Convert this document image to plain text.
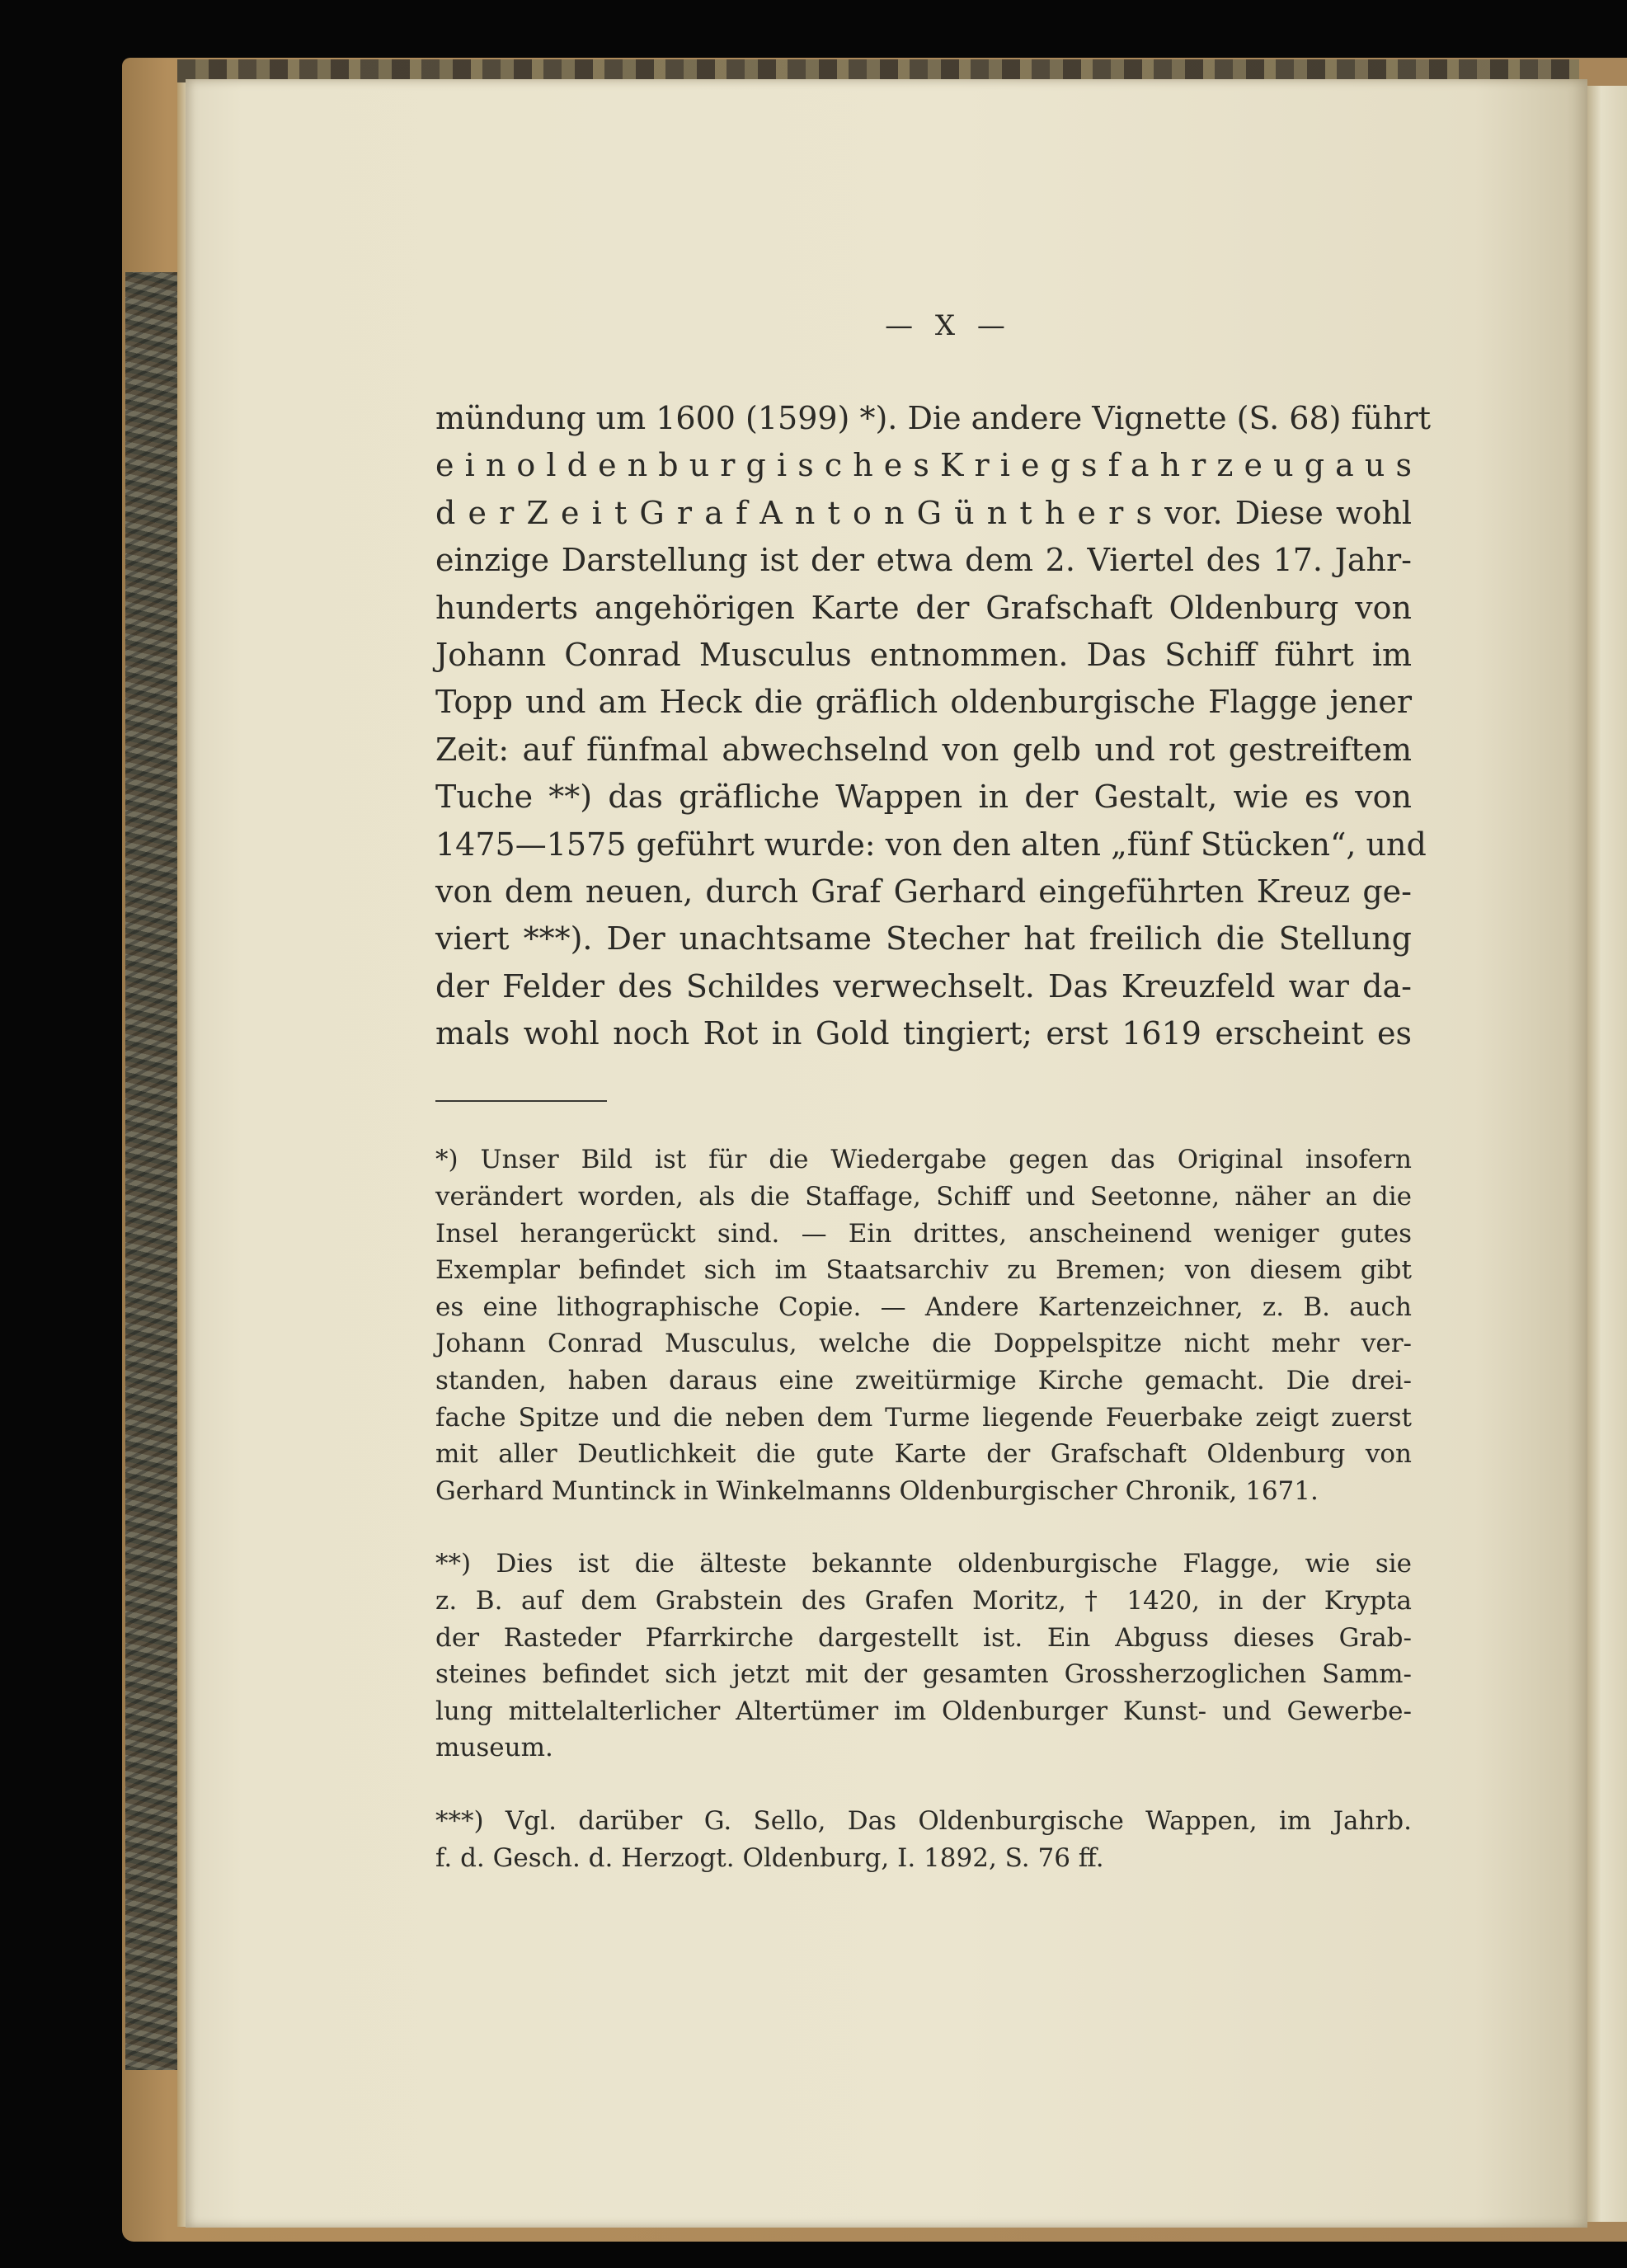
— X —
mündung um 1600 (1599) *). Die andere Vignette (S. 68) führt
e i n o l d e n b u r g i s c h e s K r i e g s f a h r z e u g a u s
d e r Z e i t G r a f A n t o n G ü n t h e r s vor. Diese wohl
einzige Darstellung ist der etwa dem 2. Viertel des 17. Jahr-
hunderts angehörigen Karte der Grafschaft Oldenburg von
Johann Conrad Musculus entnommen. Das Schiff führt im
Topp und am Heck die gräflich oldenburgische Flagge jener
Zeit: auf fünfmal abwechselnd von gelb und rot gestreiftem
Tuche **) das gräfliche Wappen in der Gestalt, wie es von
1475—1575 geführt wurde: von den alten „fünf Stücken“, und
von dem neuen, durch Graf Gerhard eingeführten Kreuz ge-
viert ***). Der unachtsame Stecher hat freilich die Stellung
der Felder des Schildes verwechselt. Das Kreuzfeld war da-
mals wohl noch Rot in Gold tingiert; erst 1619 erscheint es
*) Unser Bild ist für die Wiedergabe gegen das Original insofern
verändert worden, als die Staffage, Schiff und Seetonne, näher an die
Insel herangerückt sind. — Ein drittes, anscheinend weniger gutes
Exemplar befindet sich im Staatsarchiv zu Bremen; von diesem gibt
es eine lithographische Copie. — Andere Kartenzeichner, z. B. auch
Johann Conrad Musculus, welche die Doppelspitze nicht mehr ver-
standen, haben daraus eine zweitürmige Kirche gemacht. Die drei-
fache Spitze und die neben dem Turme liegende Feuerbake zeigt zuerst
mit aller Deutlichkeit die gute Karte der Grafschaft Oldenburg von
Gerhard Muntinck in Winkelmanns Oldenburgischer Chronik, 1671.
**) Dies ist die älteste bekannte oldenburgische Flagge, wie sie
z. B. auf dem Grabstein des Grafen Moritz, † 1420, in der Krypta
der Rasteder Pfarrkirche dargestellt ist. Ein Abguss dieses Grab-
steines befindet sich jetzt mit der gesamten Grossherzoglichen Samm-
lung mittelalterlicher Altertümer im Oldenburger Kunst- und Gewerbe-
museum.
***) Vgl. darüber G. Sello, Das Oldenburgische Wappen, im Jahrb.
f. d. Gesch. d. Herzogt. Oldenburg, I. 1892, S. 76 ff.
